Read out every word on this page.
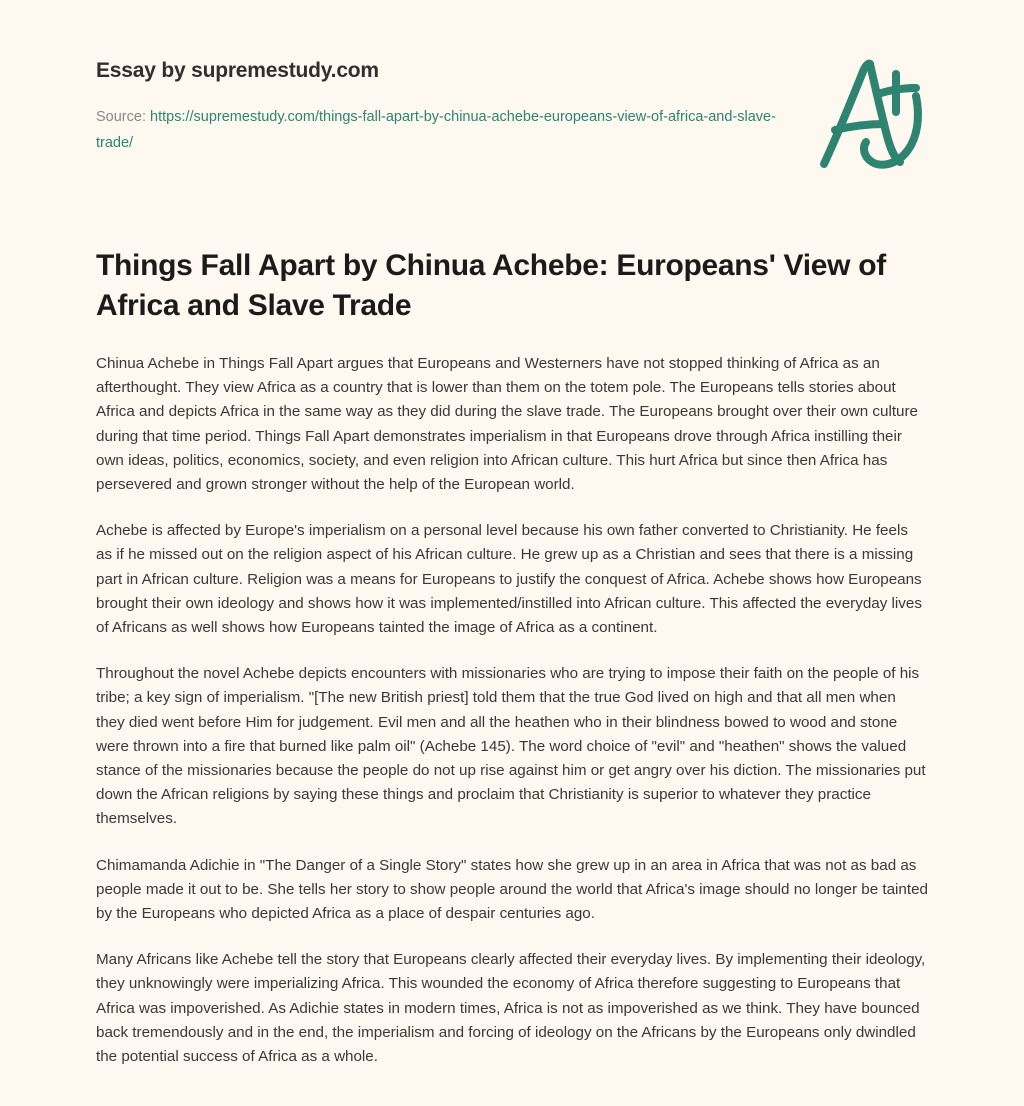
Essay by supremestudy.com

Source: https://supremestudy.com/things-fall-apart-by-chinua-achebe-europeans-view-of-africa-and-slave-trade/
Things Fall Apart by Chinua Achebe: Europeans' View of Africa and Slave Trade

Chinua Achebe in Things Fall Apart argues that Europeans and Westerners have not stopped thinking of Africa as an afterthought. They view Africa as a country that is lower than them on the totem pole. The Europeans tells stories about Africa and depicts Africa in the same way as they did during the slave trade. The Europeans brought over their own culture during that time period. Things Fall Apart demonstrates imperialism in that Europeans drove through Africa instilling their own ideas, politics, economics, society, and even religion into African culture. This hurt Africa but since then Africa has persevered and grown stronger without the help of the European world.

Achebe is affected by Europe's imperialism on a personal level because his own father converted to Christianity. He feels as if he missed out on the religion aspect of his African culture. He grew up as a Christian and sees that there is a missing part in African culture. Religion was a means for Europeans to justify the conquest of Africa. Achebe shows how Europeans brought their own ideology and shows how it was implemented/instilled into African culture. This affected the everyday lives of Africans as well shows how Europeans tainted the image of Africa as a continent.

Throughout the novel Achebe depicts encounters with missionaries who are trying to impose their faith on the people of his tribe; a key sign of imperialism. "[The new British priest] told them that the true God lived on high and that all men when they died went before Him for judgement. Evil men and all the heathen who in their blindness bowed to wood and stone were thrown into a fire that burned like palm oil" (Achebe 145). The word choice of "evil" and "heathen" shows the valued stance of the missionaries because the people do not up rise against him or get angry over his diction. The missionaries put down the African religions by saying these things and proclaim that Christianity is superior to whatever they practice themselves.

Chimamanda Adichie in "The Danger of a Single Story" states how she grew up in an area in Africa that was not as bad as people made it out to be. She tells her story to show people around the world that Africa's image should no longer be tainted by the Europeans who depicted Africa as a place of despair centuries ago.

Many Africans like Achebe tell the story that Europeans clearly affected their everyday lives. By implementing their ideology, they unknowingly were imperializing Africa. This wounded the economy of Africa therefore suggesting to Europeans that Africa was impoverished. As Adichie states in modern times, Africa is not as impoverished as we think. They have bounced back tremendously and in the end, the imperialism and forcing of ideology on the Africans by the Europeans only dwindled the potential success of Africa as a whole.
